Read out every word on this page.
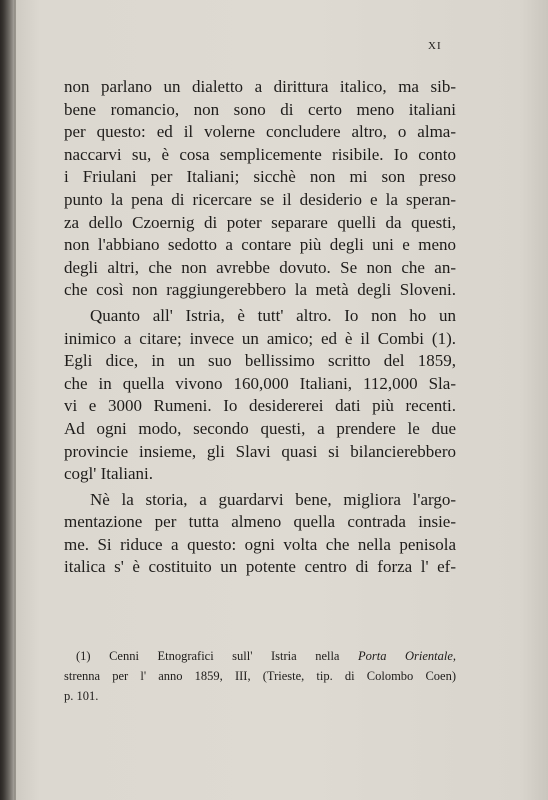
XI
non parlano un dialetto a dirittura italico, ma sib-
bene romancio, non sono di certo meno italiani
per questo: ed il volerne concludere altro, o alma-
naccarvi su, è cosa semplicemente risibile. Io conto
i Friulani per Italiani; sicchè non mi son preso
punto la pena di ricercare se il desiderio e la speran-
za dello Czoernig di poter separare quelli da questi,
non l'abbiano sedotto a contare più degli uni e meno
degli altri, che non avrebbe dovuto. Se non che an-
che così non raggiungerebbero la metà degli Sloveni.
Quanto all' Istria, è tutt' altro. Io non ho un
inimico a citare; invece un amico; ed è il Combi (1).
Egli dice, in un suo bellissimo scritto del 1859,
che in quella vivono 160,000 Italiani, 112,000 Sla-
vi e 3000 Rumeni. Io desidererei dati più recenti.
Ad ogni modo, secondo questi, a prendere le due
provincie insieme, gli Slavi quasi si bilancierebbero
cogl' Italiani.
Nè la storia, a guardarvi bene, migliora l'argo-
mentazione per tutta almeno quella contrada insie-
me. Si riduce a questo: ogni volta che nella penisola
italica s' è costituito un potente centro di forza l' ef-
(1) Cenni Etnografici sull' Istria nella Porta Orientale,
strenna per l' anno 1859, III, (Trieste, tip. di Colombo Coen)
p. 101.
